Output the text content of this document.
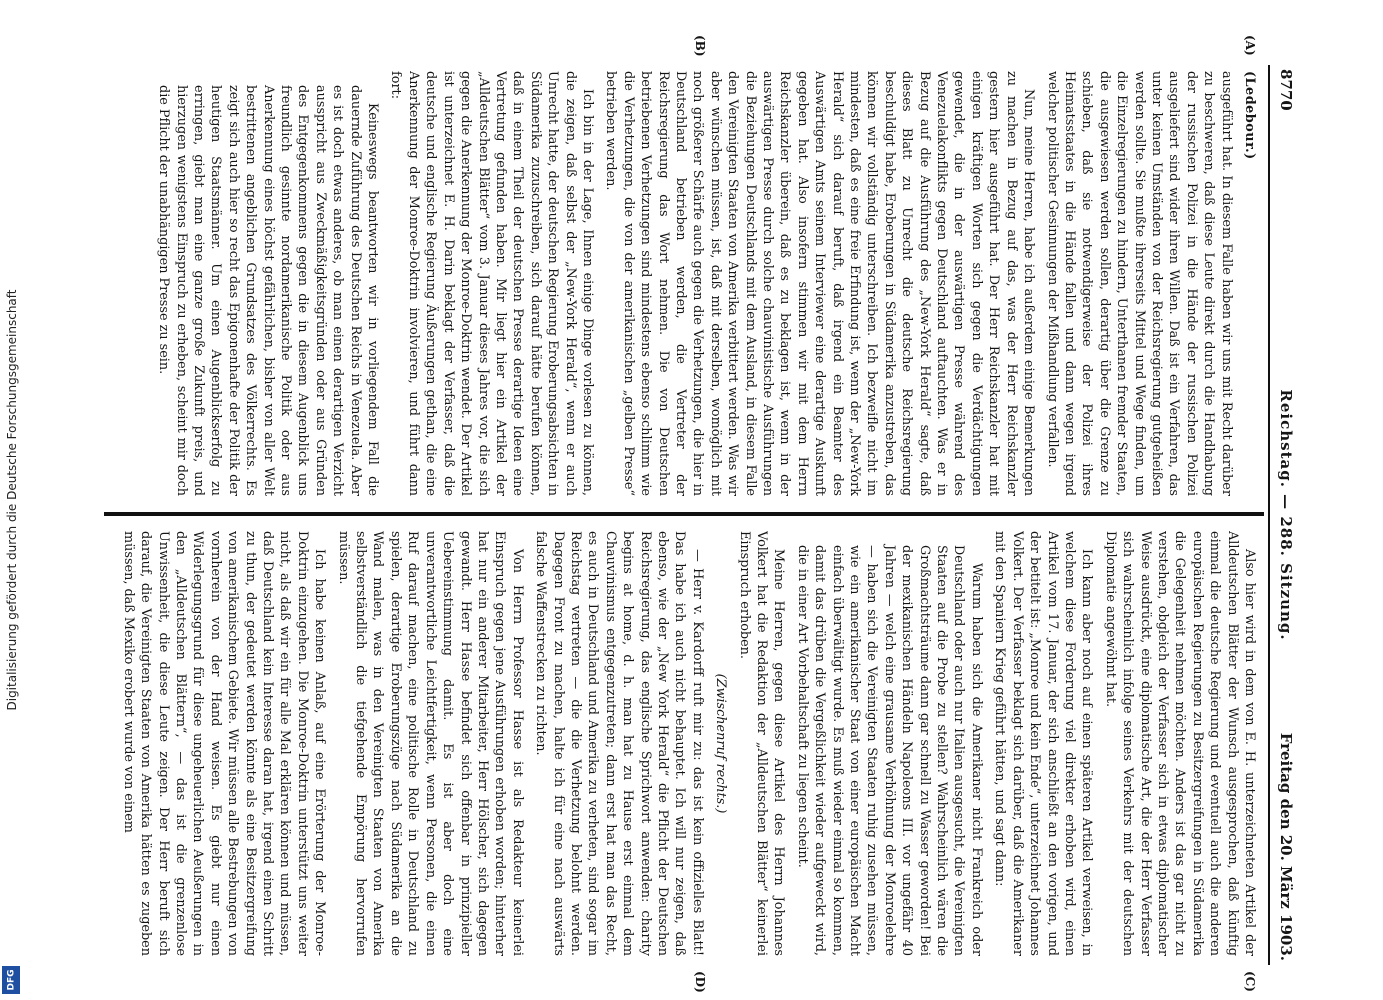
Digitalisierung gefördert durch die Deutsche Forschungsgemeinschaft
DFG
8770
Reichstag. — 288. Sitzung.
Freitag den 20. März 1903.
(A)
(B)
(C)
(D)

(Ledebour.)

ausgeführt hat. In diesem Falle haben wir uns mit Recht darüber zu beschweren, daß diese Leute direkt durch die Handhabung der russischen Polizei in die Hände der russischen Polizei ausgeliefert sind wider ihren Willen. Daß ist ein Verfahren, das unter keinen Umständen von der Reichsregierung gutgeheißen werden sollte. Sie mußte ihrerseits Mittel und Wege finden, um die Einzelregierungen zu hindern, Unterthanen fremder Staaten, die ausgewiesen werden sollen, derartig über die Grenze zu schieben, daß sie notwendigerweise der Polizei ihres Heimatsstaates in die Hände fallen und dann wegen irgend welcher politischer Gesinnungen der Mißhandlung verfallen.

Nun, meine Herren, habe ich außerdem einige Bemerkungen zu machen in Bezug auf das, was der Herr Reichskanzler gestern hier ausgeführt hat. Der Herr Reichskanzler hat mit einigen kräftigen Worten sich gegen die Verdächtigungen gewendet, die in der auswärtigen Presse während des Venezuelakonflikts gegen Deutschland auftauchten. Was er in Bezug auf die Ausführung des „New-York Herald“ sagte, daß dieses Blatt zu Unrecht die deutsche Reichsregierung beschuldigt habe, Eroberungen in Südamerika anzustreben, das können wir vollständig unterschreiben. Ich bezweifle nicht im mindesten, daß es eine freie Erfindung ist, wenn der „New-York Herald“ sich darauf beruft, daß irgend ein Beamter des Auswärtigen Amts seinem Interviewer eine derartige Auskunft gegeben hat. Also insofern stimmen wir mit dem Herrn Reichskanzler überein, daß es zu beklagen ist, wenn in der auswärtigen Presse durch solche chauvinistische Ausführungen die Beziehungen Deutschlands mit dem Ausland, in diesem Falle den Vereinigten Staaten von Amerika verbittert werden. Was wir aber wünschen müssen, ist, daß mit derselben, womöglich mit noch größerer Schärfe auch gegen die Verhetzungen, die hier in Deutschland betrieben werden, die Vertreter der Reichsregierung das Wort nehmen. Die von Deutschen betriebenen Verhetzungen sind mindestens ebenso schlimm wie die Verhetzungen, die von der amerikanischen „gelben Presse“ betrieben werden.

Ich bin in der Lage, Ihnen einige Dinge vorlesen zu können, die zeigen, daß selbst der „New-York Herald“, wenn er auch Unrecht hatte, der deutschen Regierung Eroberungsabsichten in Südamerika zuzuschreiben, sich darauf hätte berufen können, daß in einem Theil der deutschen Presse derartige Ideen eine Vertretung gefunden haben. Mir liegt hier ein Artikel der „Alldeutschen Blätter“ vom 3. Januar dieses Jahres vor, die sich gegen die Anerkennung der Monroe-Doktrin wendet. Der Artikel ist unterzeichnet E. H. Darin beklagt der Verfasser, daß die deutsche und englische Regierung Äußerungen gethan, die eine Anerkennung der Monroe-Doktrin involvieren, und führt dann fort:

Keineswegs beantworten wir in vorliegendem Fall die dauernde Zuführung des Deutschen Reichs in Venezuela. Aber es ist doch etwas anderes, ob man einen derartigen Verzicht ausspricht aus Zweckmäßigkeitsgründen oder aus Gründen des Entgegenkommens gegen die in diesem Augenblick uns freundlich gesinnte nordamerikanische Politik oder aus Anerkennung eines höchst gefährlichen, bisher von aller Welt bestrittenen angeblichen Grundsatzes des Völkerrechts. Es zeigt sich auch hier so recht das Epigonenhafte der Politik der heutigen Staatsmänner. Um einen Augenblickserfolg zu erringen, giebt man eine ganze große Zukunft preis, und hierzugen wenigstens Einspruch zu erheben, scheint mir doch die Pflicht der unabhängigen Presse zu sein.

Also hier wird in dem von E. H. unterzeichneten Artikel der Alldeutschen Blätter der Wunsch ausgesprochen, daß künftig einmal die deutsche Regierung und eventuell auch die anderen europäischen Regierungen zu Besitzergreifungen in Südamerika die Gelegenheit nehmen möchten. Anders ist das gar nicht zu verstehen, obgleich der Verfasser sich in etwas diplomatischer Weise ausdrückt, eine diplomatische Art, die der Herr Verfasser sich wahrscheinlich infolge seines Verkehrs mit der deutschen Diplomatie angewöhnt hat.

Ich kann aber noch auf einen späteren Artikel verweisen, in welchem diese Forderung viel direkter erhoben wird, einen Artikel vom 17. Januar, der sich anschließt an den vorigen, und der betitelt ist: „Monroe und kein Ende“, unterzeichnet Johannes Volkert. Der Verfasser beklagt sich darüber, daß die Amerikaner mit den Spaniern Krieg geführt hätten, und sagt dann:

Warum haben sich die Amerikaner nicht Frankreich oder Deutschland oder auch nur Italien ausgesucht, die Vereinigten Staaten auf die Probe zu stellen? Wahrscheinlich wären die Großmachtsträume dann gar schnell zu Wasser geworden! Bei der mexikanischen Händeln Napoleons III. vor ungefähr 40 Jahren — welch eine grausame Verhöhnung der Monroelehre — haben sich die Vereinigten Staaten ruhig zusehen müssen, wie ein amerikanischer Staat von einer europäischen Macht einfach überwältigt wurde. Es muß wieder einmal so kommen, damit das drüben die Vergeßlichkeit wieder aufgeweckt wird, die in einer Art Vorbehaltschaft zu liegen scheint.

Meine Herren, gegen diese Artikel des Herrn Johannes Volkert hat die Redaktion der „Alldeutschen Blätter“ keinerlei Einspruch erhoben.

(Zwischenruf rechts.)

— Herr v. Kardorff ruft mir zu: das ist kein offizielles Blatt! Das habe ich auch nicht behauptet. Ich will nur zeigen, daß ebenso, wie der „New York Herald“ die Pflicht der Deutschen Reichsregierung, das englische Sprichwort anwenden: charity begins at home, d. h. man hat zu Hause erst einmal dem Chauvinismus entgegenzutreten; dann erst hat man das Recht, es auch in Deutschland und Amerika zu verheten, sind sogar im Reichstag vertreten — die die Verhetzung belohnt werden. Dagegen Front zu machen, halte ich für eine nach auswärts falsche Waffenstrecken zu richten.

Von Herrn Professor Hasse ist als Redakteur keinerlei Einspruch gegen jene Ausführungen erhoben worden; hinterher hat nur ein anderer Mitarbeiter, Herr Hölscher, sich dagegen gewandt. Herr Hasse befindet sich offenbar in prinzipieller Uebereinstimmung damit. Es ist aber doch eine unverantwortliche Leichtfertigkeit, wenn Personen, die einen Ruf darauf machen, eine politische Rolle in Deutschland zu spielen, derartige Eroberungszüge nach Südamerika an die Wand malen, was in den Vereinigten Staaten von Amerika selbstverständlich die tiefgehende Empörung hervorrufen müssen.

Ich habe keinen Anlaß, auf eine Erörterung der Monroe-Doktrin einzugehen. Die Monroe-Doktrin unterstützt uns weiter nicht, als daß wir ein für alle Mal erklären können und müssen, daß Deutschland kein Interesse daran hat, irgend einen Schritt zu thun, der gedeutet werden könnte als eine Besitzergreifung von amerikanischem Gebiete. Wir müssen alle Bestrebungen von vornherein von der Hand weisen. Es giebt nur einen Widerlegungsgrund für diese ungeheuerlichen Aeußerungen in den „Alldeutschen Blättern“, — das ist die grenzenlose Unwissenheit, die diese Leute zeigen. Der Herr beruft sich darauf, die Vereinigten Staaten von Amerika hätten es zugeben müssen, daß Mexiko erobert wurde von einem
